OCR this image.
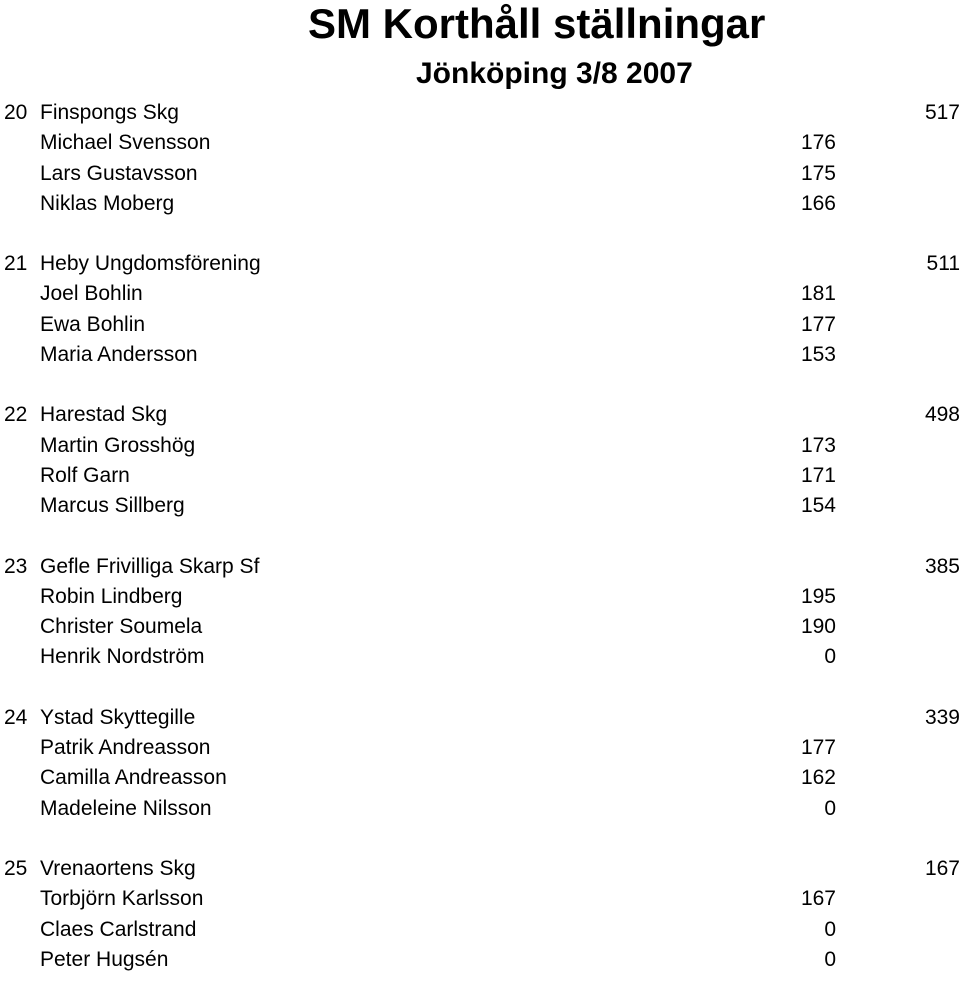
SM Korthåll ställningar
Jönköping 3/8 2007
20 Finspongs Skg	517
Michael Svensson	176
Lars Gustavsson	175
Niklas Moberg	166
21 Heby Ungdomsförening	511
Joel Bohlin	181
Ewa Bohlin	177
Maria Andersson	153
22 Harestad Skg	498
Martin Grosshög	173
Rolf Garn	171
Marcus Sillberg	154
23 Gefle Frivilliga Skarp Sf	385
Robin Lindberg	195
Christer Soumela	190
Henrik Nordström	0
24 Ystad Skyttegille	339
Patrik Andreasson	177
Camilla Andreasson	162
Madeleine Nilsson	0
25 Vrenaortens Skg	167
Torbjörn Karlsson	167
Claes Carlstrand	0
Peter Hugsén	0
